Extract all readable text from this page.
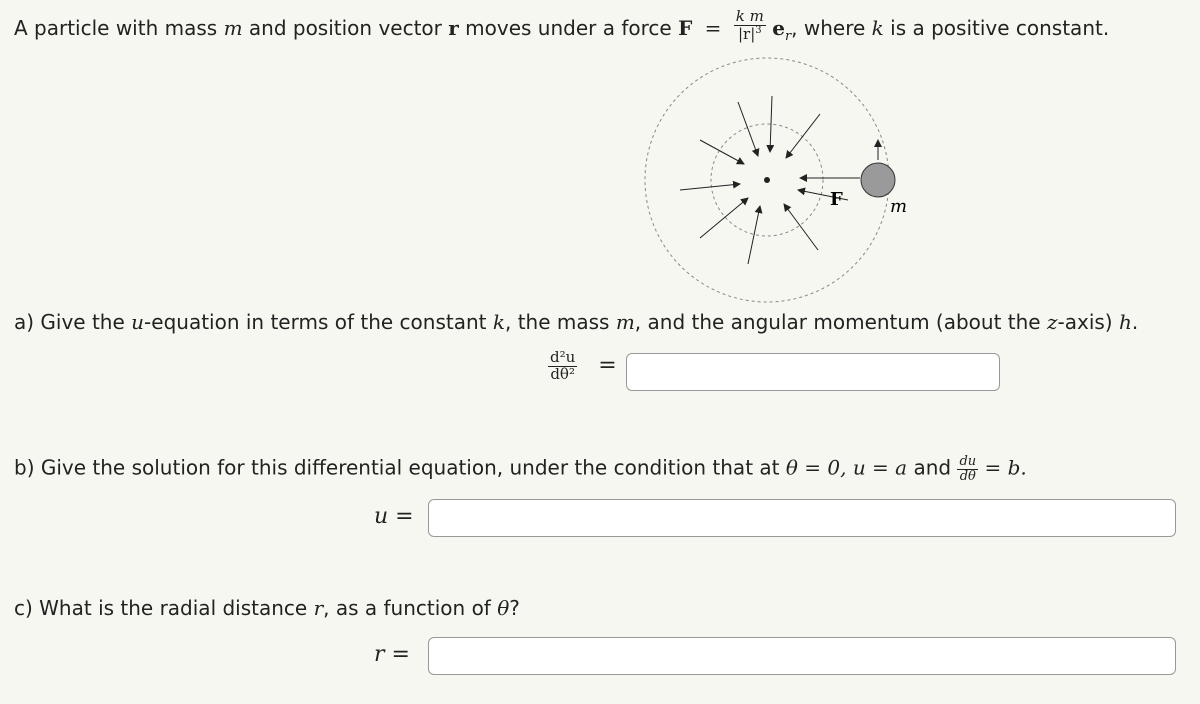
A particle with mass m and position vector r moves under a force $F = \frac{\text{k m}}{|r|^3} e_r$, where k is a positive constant.
F	m
a) Give the u-equation in terms of the constant k, the mass m, and the angular momentum (about the z-axis) h.
$\frac{\text{d²u}}{\text{dθ²}}$ =
b) Give the solution for this differential equation, under the condition that at θ = 0, u = a and $\frac{du}{d\theta} = b$.
u =
c) What is the radial distance r, as a function of θ?
r =
